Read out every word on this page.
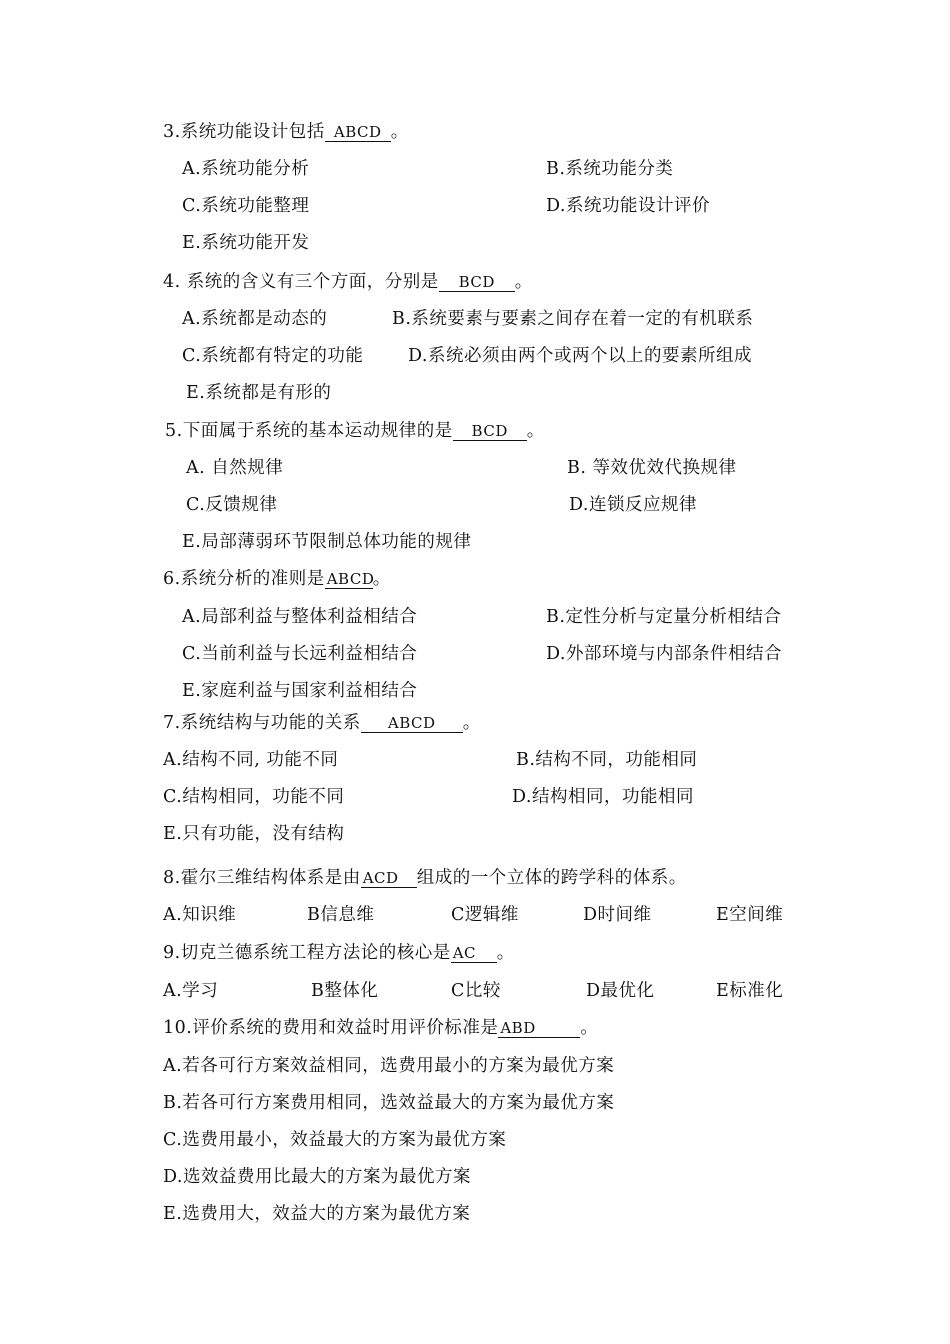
3.系统功能设计包括 ABCD 。
A.系统功能分析	B.系统功能分类
C.系统功能整理	D.系统功能设计评价
E.系统功能开发
4. 系统的含义有三个方面，分别是 BCD 。
A.系统都是动态的	B.系统要素与要素之间存在着一定的有机联系
C.系统都有特定的功能	D.系统必须由两个或两个以上的要素所组成
E.系统都是有形的
5.下面属于系统的基本运动规律的是 BCD 。
A. 自然规律	B. 等效优效代换规律
C.反馈规律	D.连锁反应规律
E.局部薄弱环节限制总体功能的规律
6.系统分析的准则是 ABCD。
A.局部利益与整体利益相结合	B.定性分析与定量分析相结合
C.当前利益与长远利益相结合	D.外部环境与内部条件相结合
E.家庭利益与国家利益相结合
7.系统结构与功能的关系 ABCD 。
A.结构不同, 功能不同	B.结构不同，功能相同
C.结构相同，功能不同	D.结构相同，功能相同
E.只有功能，没有结构
8.霍尔三维结构体系是由 ACD 组成的一个立体的跨学科的体系。
A.知识维	B信息维	C逻辑维	D时间维	E空间维
9.切克兰德系统工程方法论的核心是 AC 。
A.学习	B整体化	C比较	D最优化	E标准化
10.评价系统的费用和效益时用评价标准是 ABD	。
A.若各可行方案效益相同，选费用最小的方案为最优方案
B.若各可行方案费用相同，选效益最大的方案为最优方案
C.选费用最小，效益最大的方案为最优方案
D.选效益费用比最大的方案为最优方案
E.选费用大，效益大的方案为最优方案
